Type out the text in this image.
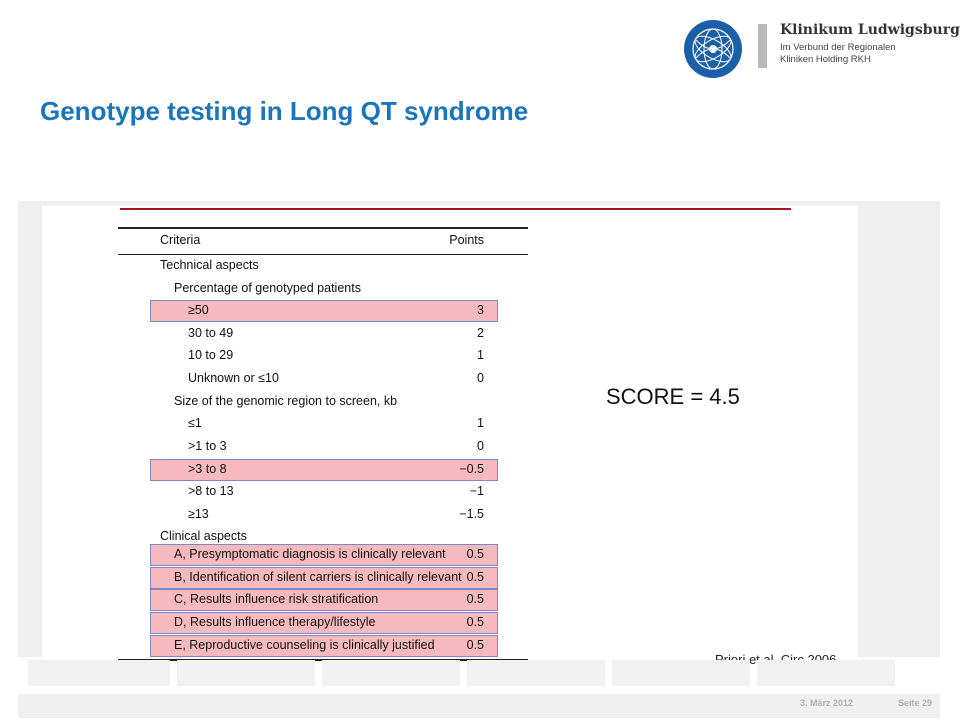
Klinikum Ludwigsburg
Im Verbund der Regionalen
Kliniken Holding RKH
Genotype testing in Long QT syndrome
Criteria	Points
Technical aspects
Percentage of genotyped patients
≥50	3
30 to 49	2
10 to 29	1
Unknown or ≤10	0
Size of the genomic region to screen, kb
≤1	1
>1 to 3	0
>3 to 8	−0.5
>8 to 13	−1
≥13	−1.5
Clinical aspects
A, Presymptomatic diagnosis is clinically relevant 0.5
B, Identification of silent carriers is clinically relevant 0.5
C, Results influence risk stratification	0.5
D, Results influence therapy/lifestyle	0.5
E, Reproductive counseling is clinically justified	0.5
SCORE = 4.5
et
3. März 2012	Seite 29
